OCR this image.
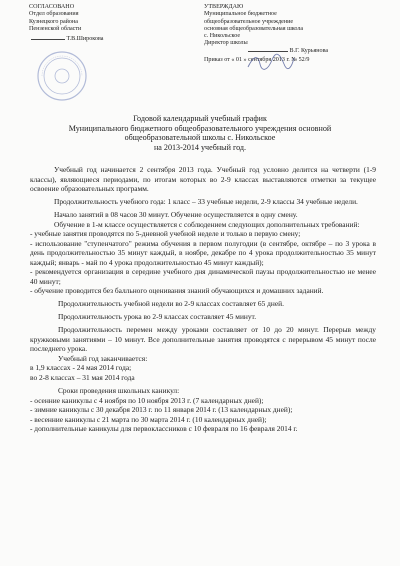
СОГЛАСОВАНО
Отдел образования
Кузнецкого района
Пензенской области
Т.В.Широкова
УТВЕРЖДАЮ
Муниципальное бюджетное
общеобразовательное учреждение
основная общеобразовательная школа
с. Никольское
Директор школы
В.Г. Курьянова
Приказ от « 01 » сентября 2013 г. № 52/9
Годовой календарный учебный график
Муниципального бюджетного общеобразовательного учреждения основной
общеобразовательной школы с. Никольское
на 2013-2014 учебный год.

Учебный год начинается 2 сентября 2013 года. Учебный год условно делится на четверти (1-9 классы), являющиеся периодами, по итогам которых во 2-9 классах выставляются отметки за текущее освоение образовательных программ.

Продолжительность учебного года: 1 класс – 33 учебные недели, 2-9 классы 34 учебные недели.

Начало занятий в 08 часов 30 минут. Обучение осуществляется в одну смену.

Обучение в 1-м классе осуществляется с соблюдением следующих дополнительных требований:

- учебные занятия проводятся по 5-дневной учебной неделе и только в первую смену;

- использование "ступенчатого" режима обучения в первом полугодии (в сентябре, октябре – по 3 урока в день продолжительностью 35 минут каждый, в ноябре, декабре по 4 урока продолжительностью 35 минут каждый; январь - май по 4 урока продолжительностью 45 минут каждый);

- рекомендуется организация в середине учебного дня динамической паузы продолжительностью не менее 40 минут;

- обучение проводится без балльного оценивания знаний обучающихся и домашних заданий.

Продолжительность учебной недели во 2-9 классах составляет 65 дней.

Продолжительность урока во 2-9 классах составляет 45 минут.

Продолжительность перемен между уроками составляет от 10 до 20 минут. Перерыв между кружковыми занятиями – 10 минут. Все дополнительные занятия проводятся с перерывом 45 минут после последнего урока.

Учебный год заканчивается:

в 1,9 классах - 24 мая 2014 года;

во 2-8 классах – 31 мая 2014 года

Сроки проведения школьных каникул:

- осенние каникулы с 4 ноября по 10 ноября 2013 г. (7 календарных дней);

- зимние каникулы с 30 декабря 2013 г. по 11 января 2014 г. (13 календарных дней);

- весенние каникулы с 21 марта по 30 марта 2014 г. (10 календарных дней);

- дополнительные каникулы для первоклассников с 10 февраля по 16 февраля 2014 г.
